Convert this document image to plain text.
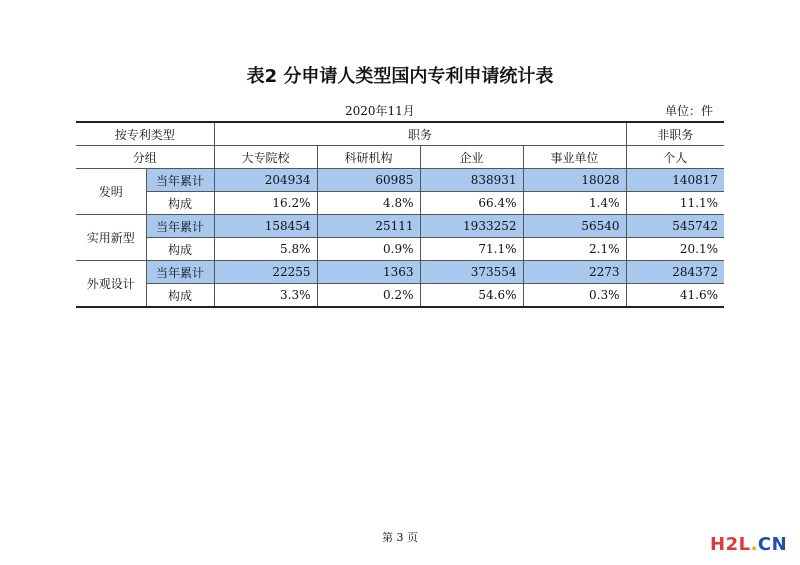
表2 分申请人类型国内专利申请统计表
2020年11月	单位：件
按专利类型		职务				非职务
分组		大专院校	科研机构	企业	事业单位	个人
发明	当年累计	204934	60985	838931	18028	140817
	构成	16.2%	4.8%	66.4%	1.4%	11.1%
实用新型	当年累计	158454	25111	1933252	56540	545742
	构成	5.8%	0.9%	71.1%	2.1%	20.1%
外观设计	当年累计	22255	1363	373554	2273	284372
	构成	3.3%	0.2%	54.6%	0.3%	41.6%
第 3 页	H2L.CN
